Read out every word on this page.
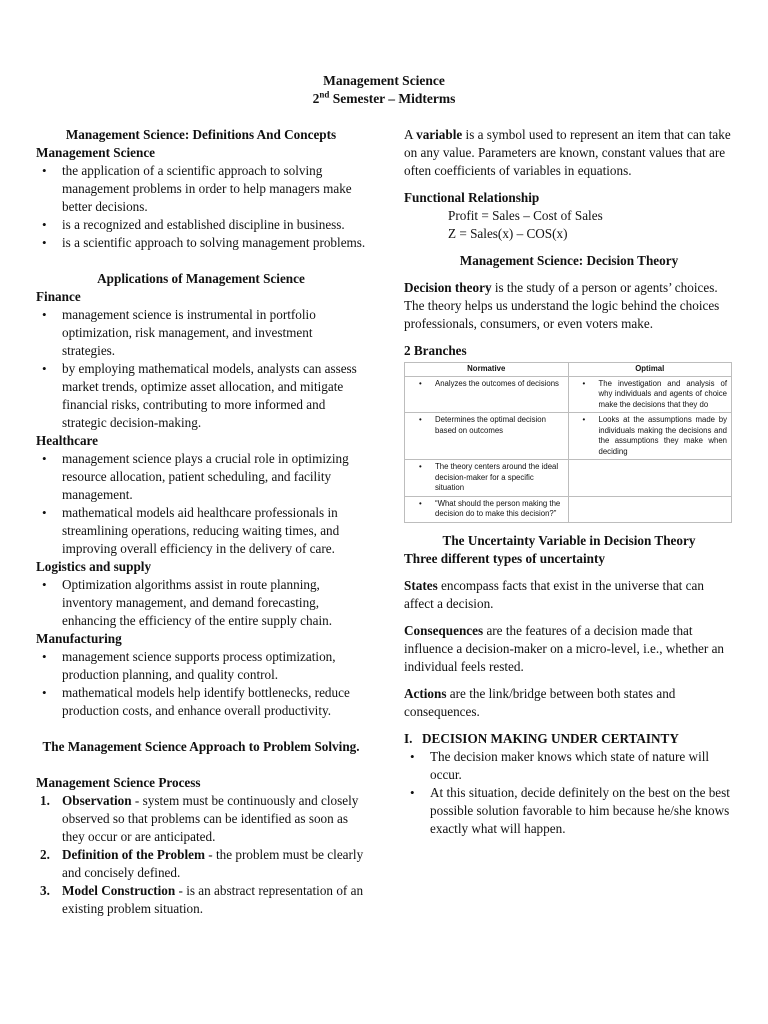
Management Science
2nd Semester – Midterms
Management Science: Definitions And Concepts
Management Science
• the application of a scientific approach to solving management problems in order to help managers make better decisions.
• is a recognized and established discipline in business.
• is a scientific approach to solving management problems.
Applications of Management Science
Finance
• management science is instrumental in portfolio optimization, risk management, and investment strategies.
• by employing mathematical models, analysts can assess market trends, optimize asset allocation, and mitigate financial risks, contributing to more informed and strategic decision-making.
Healthcare
• management science plays a crucial role in optimizing resource allocation, patient scheduling, and facility management.
• mathematical models aid healthcare professionals in streamlining operations, reducing waiting times, and improving overall efficiency in the delivery of care.
Logistics and supply
• Optimization algorithms assist in route planning, inventory management, and demand forecasting, enhancing the efficiency of the entire supply chain.
Manufacturing
• management science supports process optimization, production planning, and quality control.
• mathematical models help identify bottlenecks, reduce production costs, and enhance overall productivity.
The Management Science Approach to Problem Solving.
Management Science Process
1. Observation - system must be continuously and closely observed so that problems can be identified as soon as they occur or are anticipated.
2. Definition of the Problem - the problem must be clearly and concisely defined.
3. Model Construction - is an abstract representation of an existing problem situation.

A variable is a symbol used to represent an item that can take on any value. Parameters are known, constant values that are often coefficients of variables in equations.

Functional Relationship
Profit = Sales – Cost of Sales
Z = Sales(x) – COS(x)
Management Science: Decision Theory

Decision theory is the study of a person or agents’ choices. The theory helps us understand the logic behind the choices professionals, consumers, or even voters make.

2 Branches
Normative	Optimal

• Analyzes the outcomes of decisions	• The investigation and analysis of why individuals and agents of choice make the decisions that they do

• Determines the optimal decision based on outcomes	• Looks at the assumptions made by individuals making the decisions and the assumptions they make when deciding

• The theory centers around the ideal decision-maker for a specific situation

• “What should the person making the decision do to make this decision?”

The Uncertainty Variable in Decision Theory
Three different types of uncertainty

States encompass facts that exist in the universe that can affect a decision.

Consequences are the features of a decision made that influence a decision-maker on a micro-level, i.e., whether an individual feels rested.

Actions are the link/bridge between both states and consequences.

I. DECISION MAKING UNDER CERTAINTY
• The decision maker knows which state of nature will occur.
• At this situation, decide definitely on the best on the best possible solution favorable to him because he/she knows exactly what will happen.
